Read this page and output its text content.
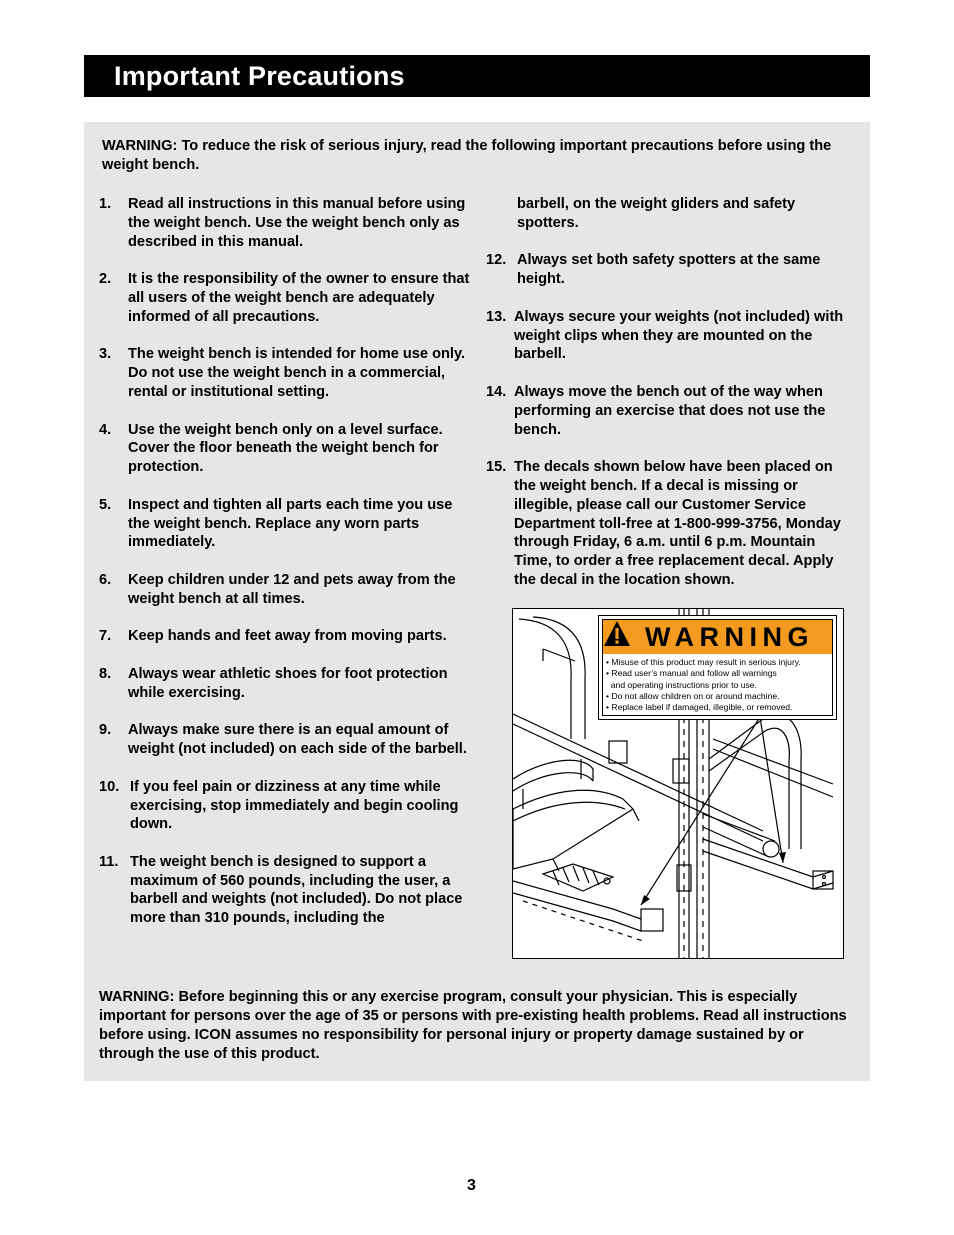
Important Precautions
WARNING: To reduce the risk of serious injury, read the following important precautions before using the weight bench.
1. Read all instructions in this manual before using the weight bench. Use the weight bench only as described in this manual.
2. It is the responsibility of the owner to ensure that all users of the weight bench are adequately informed of all precautions.
3. The weight bench is intended for home use only. Do not use the weight bench in a commercial, rental or institutional setting.
4. Use the weight bench only on a level surface. Cover the floor beneath the weight bench for protection.
5. Inspect and tighten all parts each time you use the weight bench. Replace any worn parts immediately.
6. Keep children under 12 and pets away from the weight bench at all times.
7. Keep hands and feet away from moving parts.
8. Always wear athletic shoes for foot protection while exercising.
9. Always make sure there is an equal amount of weight (not included) on each side of the barbell.
10. If you feel pain or dizziness at any time while exercising, stop immediately and begin cooling down.
11. The weight bench is designed to support a maximum of 560 pounds, including the user, a barbell and weights (not included). Do not place more than 310 pounds, including the
barbell, on the weight gliders and safety spotters.
12. Always set both safety spotters at the same height.
13. Always secure your weights (not included) with weight clips when they are mounted on the barbell.
14. Always move the bench out of the way when performing an exercise that does not use the bench.
15. The decals shown below have been placed on the weight bench. If a decal is missing or illegible, please call our Customer Service Department toll-free at 1-800-999-3756, Monday through Friday, 6 a.m. until 6 p.m. Mountain Time, to order a free replacement decal. Apply the decal in the location shown.
WARNING
• Misuse of this product may result in serious injury.
• Read user’s manual and follow all warnings
and operating instructions prior to use.
• Do not allow children on or around machine.
• Replace label if damaged, illegible, or removed.
WARNING: Before beginning this or any exercise program, consult your physician. This is especially important for persons over the age of 35 or persons with pre-existing health problems. Read all instructions before using. ICON assumes no responsibility for personal injury or property damage sustained by or through the use of this product.
3
